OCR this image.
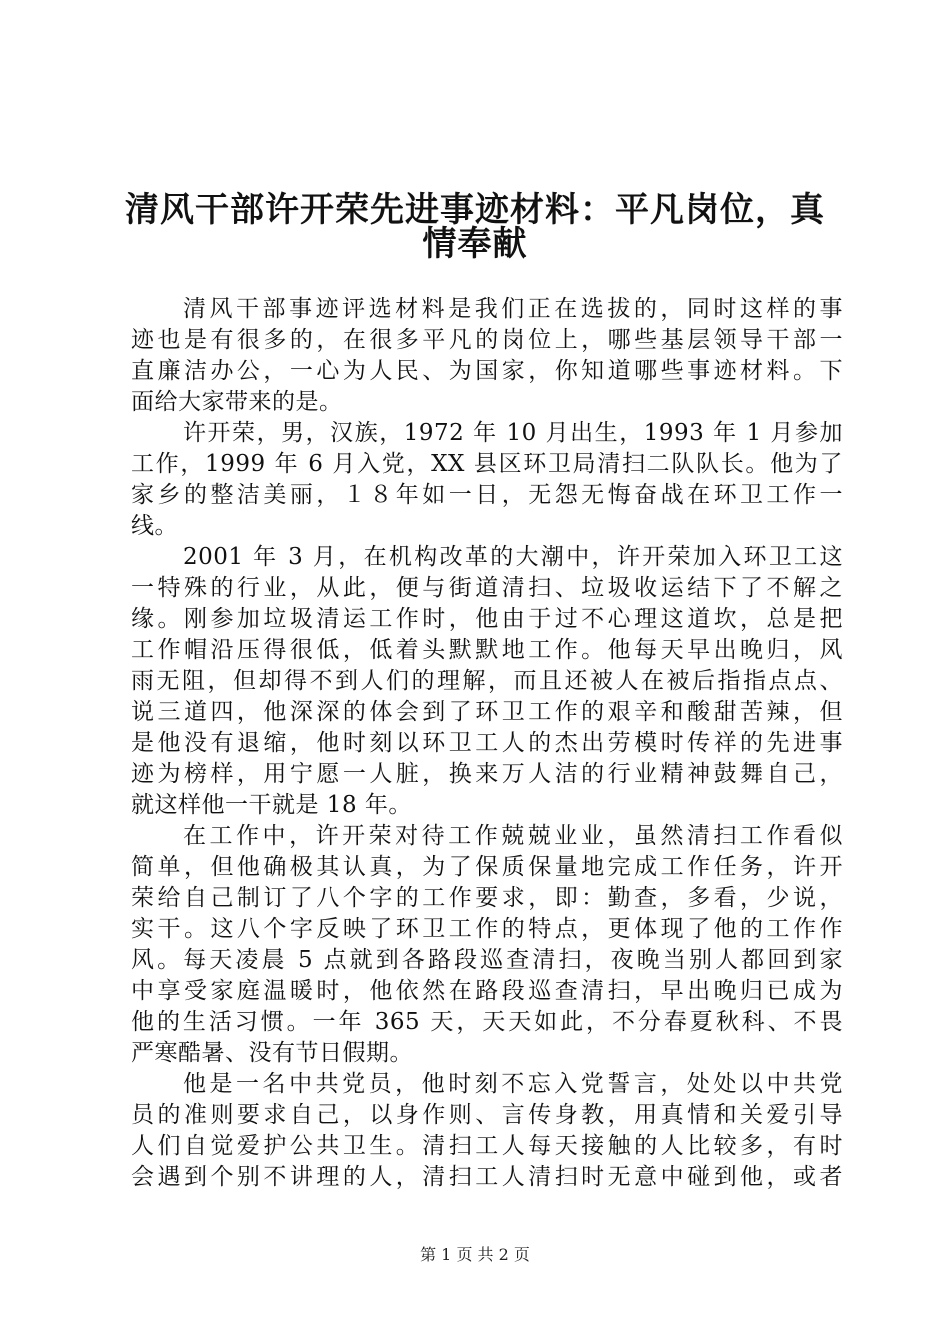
清风干部许开荣先进事迹材料：平凡岗位，真
情奉献
清风干部事迹评选材料是我们正在选拔的，同时这样的事
迹也是有很多的，在很多平凡的岗位上，哪些基层领导干部一
直廉洁办公，一心为人民、为国家，你知道哪些事迹材料。下
面给大家带来的是。
许开荣，男，汉族，1972 年 10 月出生，1993 年 1 月参加
工作，1999 年 6 月入党，XX 县区环卫局清扫二队队长。他为了
家乡的整洁美丽，１８年如一日，无怨无悔奋战在环卫工作一
线。
2001 年 3 月，在机构改革的大潮中，许开荣加入环卫工这
一特殊的行业，从此，便与街道清扫、垃圾收运结下了不解之
缘。刚参加垃圾清运工作时，他由于过不心理这道坎，总是把
工作帽沿压得很低，低着头默默地工作。他每天早出晚归，风
雨无阻，但却得不到人们的理解，而且还被人在被后指指点点、
说三道四，他深深的体会到了环卫工作的艰辛和酸甜苦辣，但
是他没有退缩，他时刻以环卫工人的杰出劳模时传祥的先进事
迹为榜样，用宁愿一人脏，换来万人洁的行业精神鼓舞自己，
就这样他一干就是 18 年。
在工作中，许开荣对待工作兢兢业业，虽然清扫工作看似
简单，但他确极其认真，为了保质保量地完成工作任务，许开
荣给自己制订了八个字的工作要求，即：勤查，多看，少说，
实干。这八个字反映了环卫工作的特点，更体现了他的工作作
风。每天凌晨 5 点就到各路段巡查清扫，夜晚当别人都回到家
中享受家庭温暖时，他依然在路段巡查清扫，早出晚归已成为
他的生活习惯。一年 365 天，天天如此，不分春夏秋科、不畏
严寒酷暑、没有节日假期。
他是一名中共党员，他时刻不忘入党誓言，处处以中共党
员的准则要求自己，以身作则、言传身教，用真情和关爱引导
人们自觉爱护公共卫生。清扫工人每天接触的人比较多，有时
会遇到个别不讲理的人，清扫工人清扫时无意中碰到他，或者
第 1 页 共 2 页
